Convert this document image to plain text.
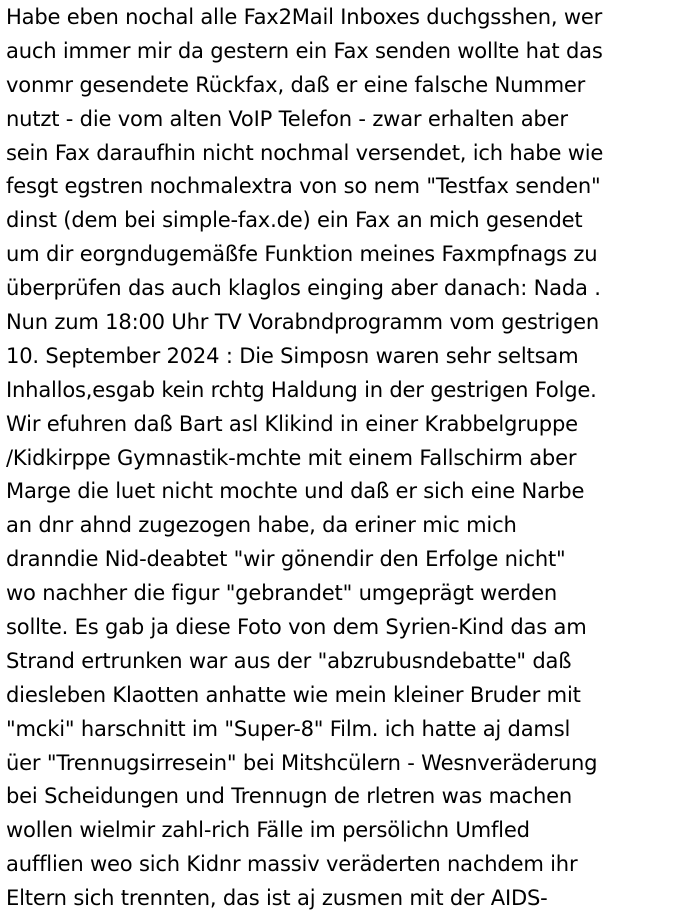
Habe eben nochal alle Fax2Mail Inboxes duchgsshen, wer
auch immer mir da gestern ein Fax senden wollte hat das
vonmr gesendete Rückfax, daß er eine falsche Nummer
nutzt - die vom alten VoIP Telefon - zwar erhalten aber
sein Fax daraufhin nicht nochmal versendet, ich habe wie
fesgt egstren nochmalextra von so nem "Testfax senden"
dinst (dem bei simple-fax.de) ein Fax an mich gesendet
um dir eorgndugemäßfe Funktion meines Faxmpfnags zu
überprüfen das auch klaglos einging aber danach: Nada .
Nun zum 18:00 Uhr TV Vorabndprogramm vom gestrigen
10. September 2024 : Die Simposn waren sehr seltsam
Inhallos,esgab kein rchtg Haldung in der gestrigen Folge.
Wir efuhren daß Bart asl Klikind in einer Krabbelgruppe
/Kidkirppe Gymnastik-mchte mit einem Fallschirm aber
Marge die luet nicht mochte und daß er sich eine Narbe
an dnr ahnd zugezogen habe, da eriner mic mich
dranndie Nid-deabtet "wir gönendir den Erfolge nicht"
wo nachher die figur "gebrandet" umgeprägt werden
sollte. Es gab ja diese Foto von dem Syrien-Kind das am
Strand ertrunken war aus der "abzrubusndebatte" daß
diesleben Klaotten anhatte wie mein kleiner Bruder mit
"mcki" harschnitt im "Super-8" Film. ich hatte aj damsl
üer "Trennugsirresein" bei Mitshcülern - Wesnveräderung
bei Scheidungen und Trennugn de rletren was machen
wollen wielmir zahl-rich Fälle im persölichn Umfled
aufflien weo sich Kidnr massiv veräderten nachdem ihr
Eltern sich trennten, das ist aj zusmen mit der AIDS-
